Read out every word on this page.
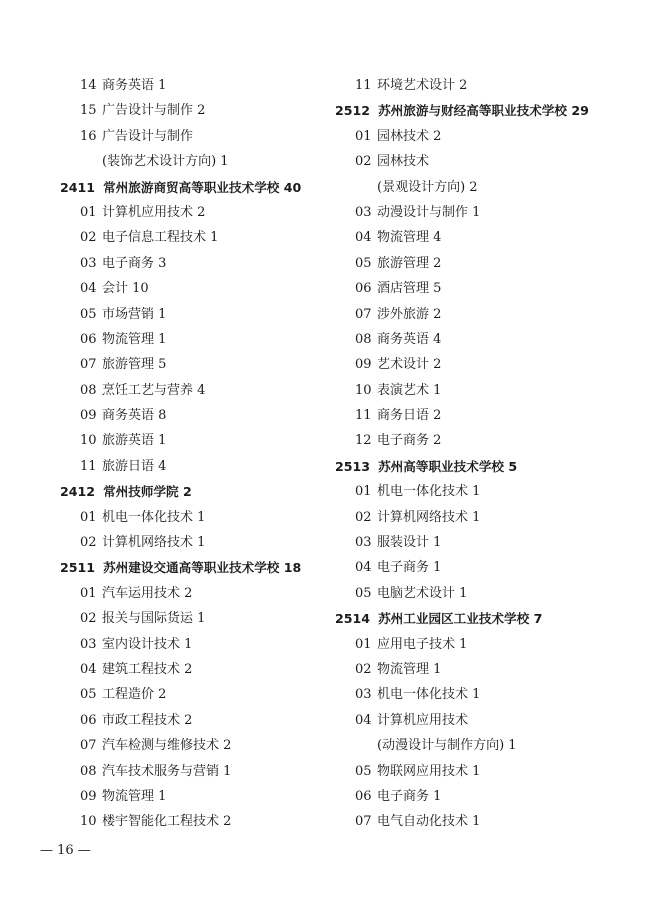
14 商务英语 1
15 广告设计与制作 2
16 广告设计与制作
(装饰艺术设计方向) 1
2411 常州旅游商贸高等职业技术学校 40
01 计算机应用技术 2
02 电子信息工程技术 1
03 电子商务 3
04 会计 10
05 市场营销 1
06 物流管理 1
07 旅游管理 5
08 烹饪工艺与营养 4
09 商务英语 8
10 旅游英语 1
11 旅游日语 4
2412 常州技师学院 2
01 机电一体化技术 1
02 计算机网络技术 1
2511 苏州建设交通高等职业技术学校 18
01 汽车运用技术 2
02 报关与国际货运 1
03 室内设计技术 1
04 建筑工程技术 2
05 工程造价 2
06 市政工程技术 2
07 汽车检测与维修技术 2
08 汽车技术服务与营销 1
09 物流管理 1
10 楼宇智能化工程技术 2
11 环境艺术设计 2
2512 苏州旅游与财经高等职业技术学校 29
01 园林技术 2
02 园林技术
(景观设计方向) 2
03 动漫设计与制作 1
04 物流管理 4
05 旅游管理 2
06 酒店管理 5
07 涉外旅游 2
08 商务英语 4
09 艺术设计 2
10 表演艺术 1
11 商务日语 2
12 电子商务 2
2513 苏州高等职业技术学校 5
01 机电一体化技术 1
02 计算机网络技术 1
03 服装设计 1
04 电子商务 1
05 电脑艺术设计 1
2514 苏州工业园区工业技术学校 7
01 应用电子技术 1
02 物流管理 1
03 机电一体化技术 1
04 计算机应用技术
(动漫设计与制作方向) 1
05 物联网应用技术 1
06 电子商务 1
07 电气自动化技术 1
— 16 —
